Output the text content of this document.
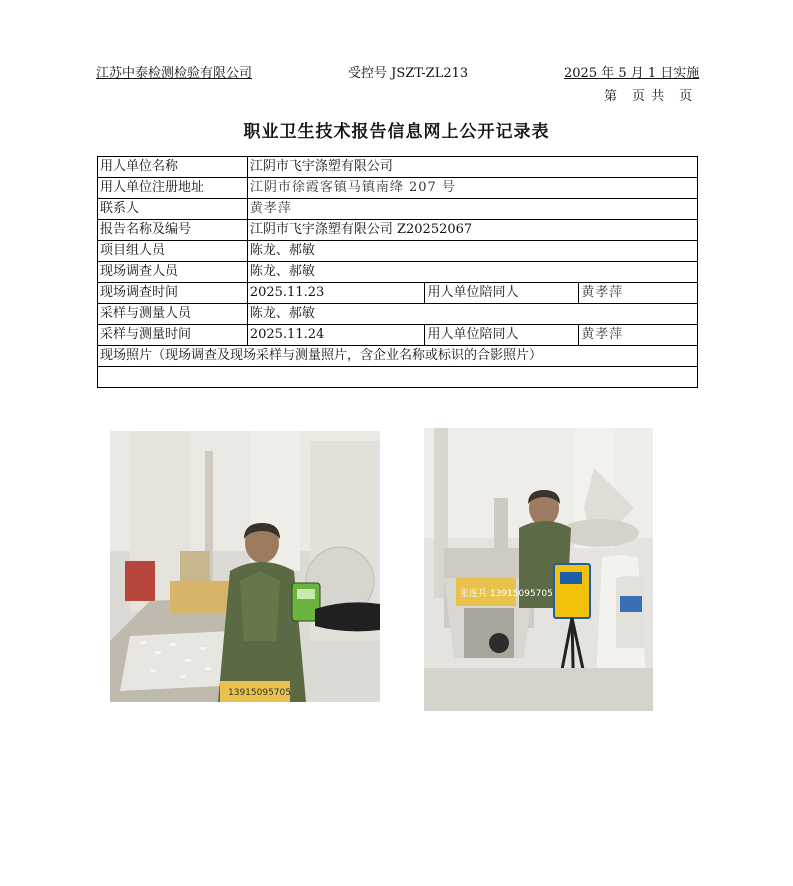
江苏中泰检测检验有限公司	受控号 JSZT-ZL213	2025 年 5 月 1 日实施
第　页 共　页
职业卫生技术报告信息网上公开记录表
用人单位名称	江阴市飞宇涤塑有限公司		
用人单位注册地址	江阴市徐霞客镇马镇南绛 207 号		
联系人	黄孝萍		
报告名称及编号	江阴市飞宇涤塑有限公司 Z20252067		
项目组人员	陈龙、郝敏		
现场调查人员	陈龙、郝敏		
现场调查时间	2025.11.23	用人单位陪同人	黄孝萍
采样与测量人员	陈龙、郝敏		
采样与测量时间	2025.11.24	用人单位陪同人	黄孝萍
现场照片（现场调查及现场采样与测量照片，含企业名称或标识的合影照片）			

13915095705
张连兵 13915095705			
